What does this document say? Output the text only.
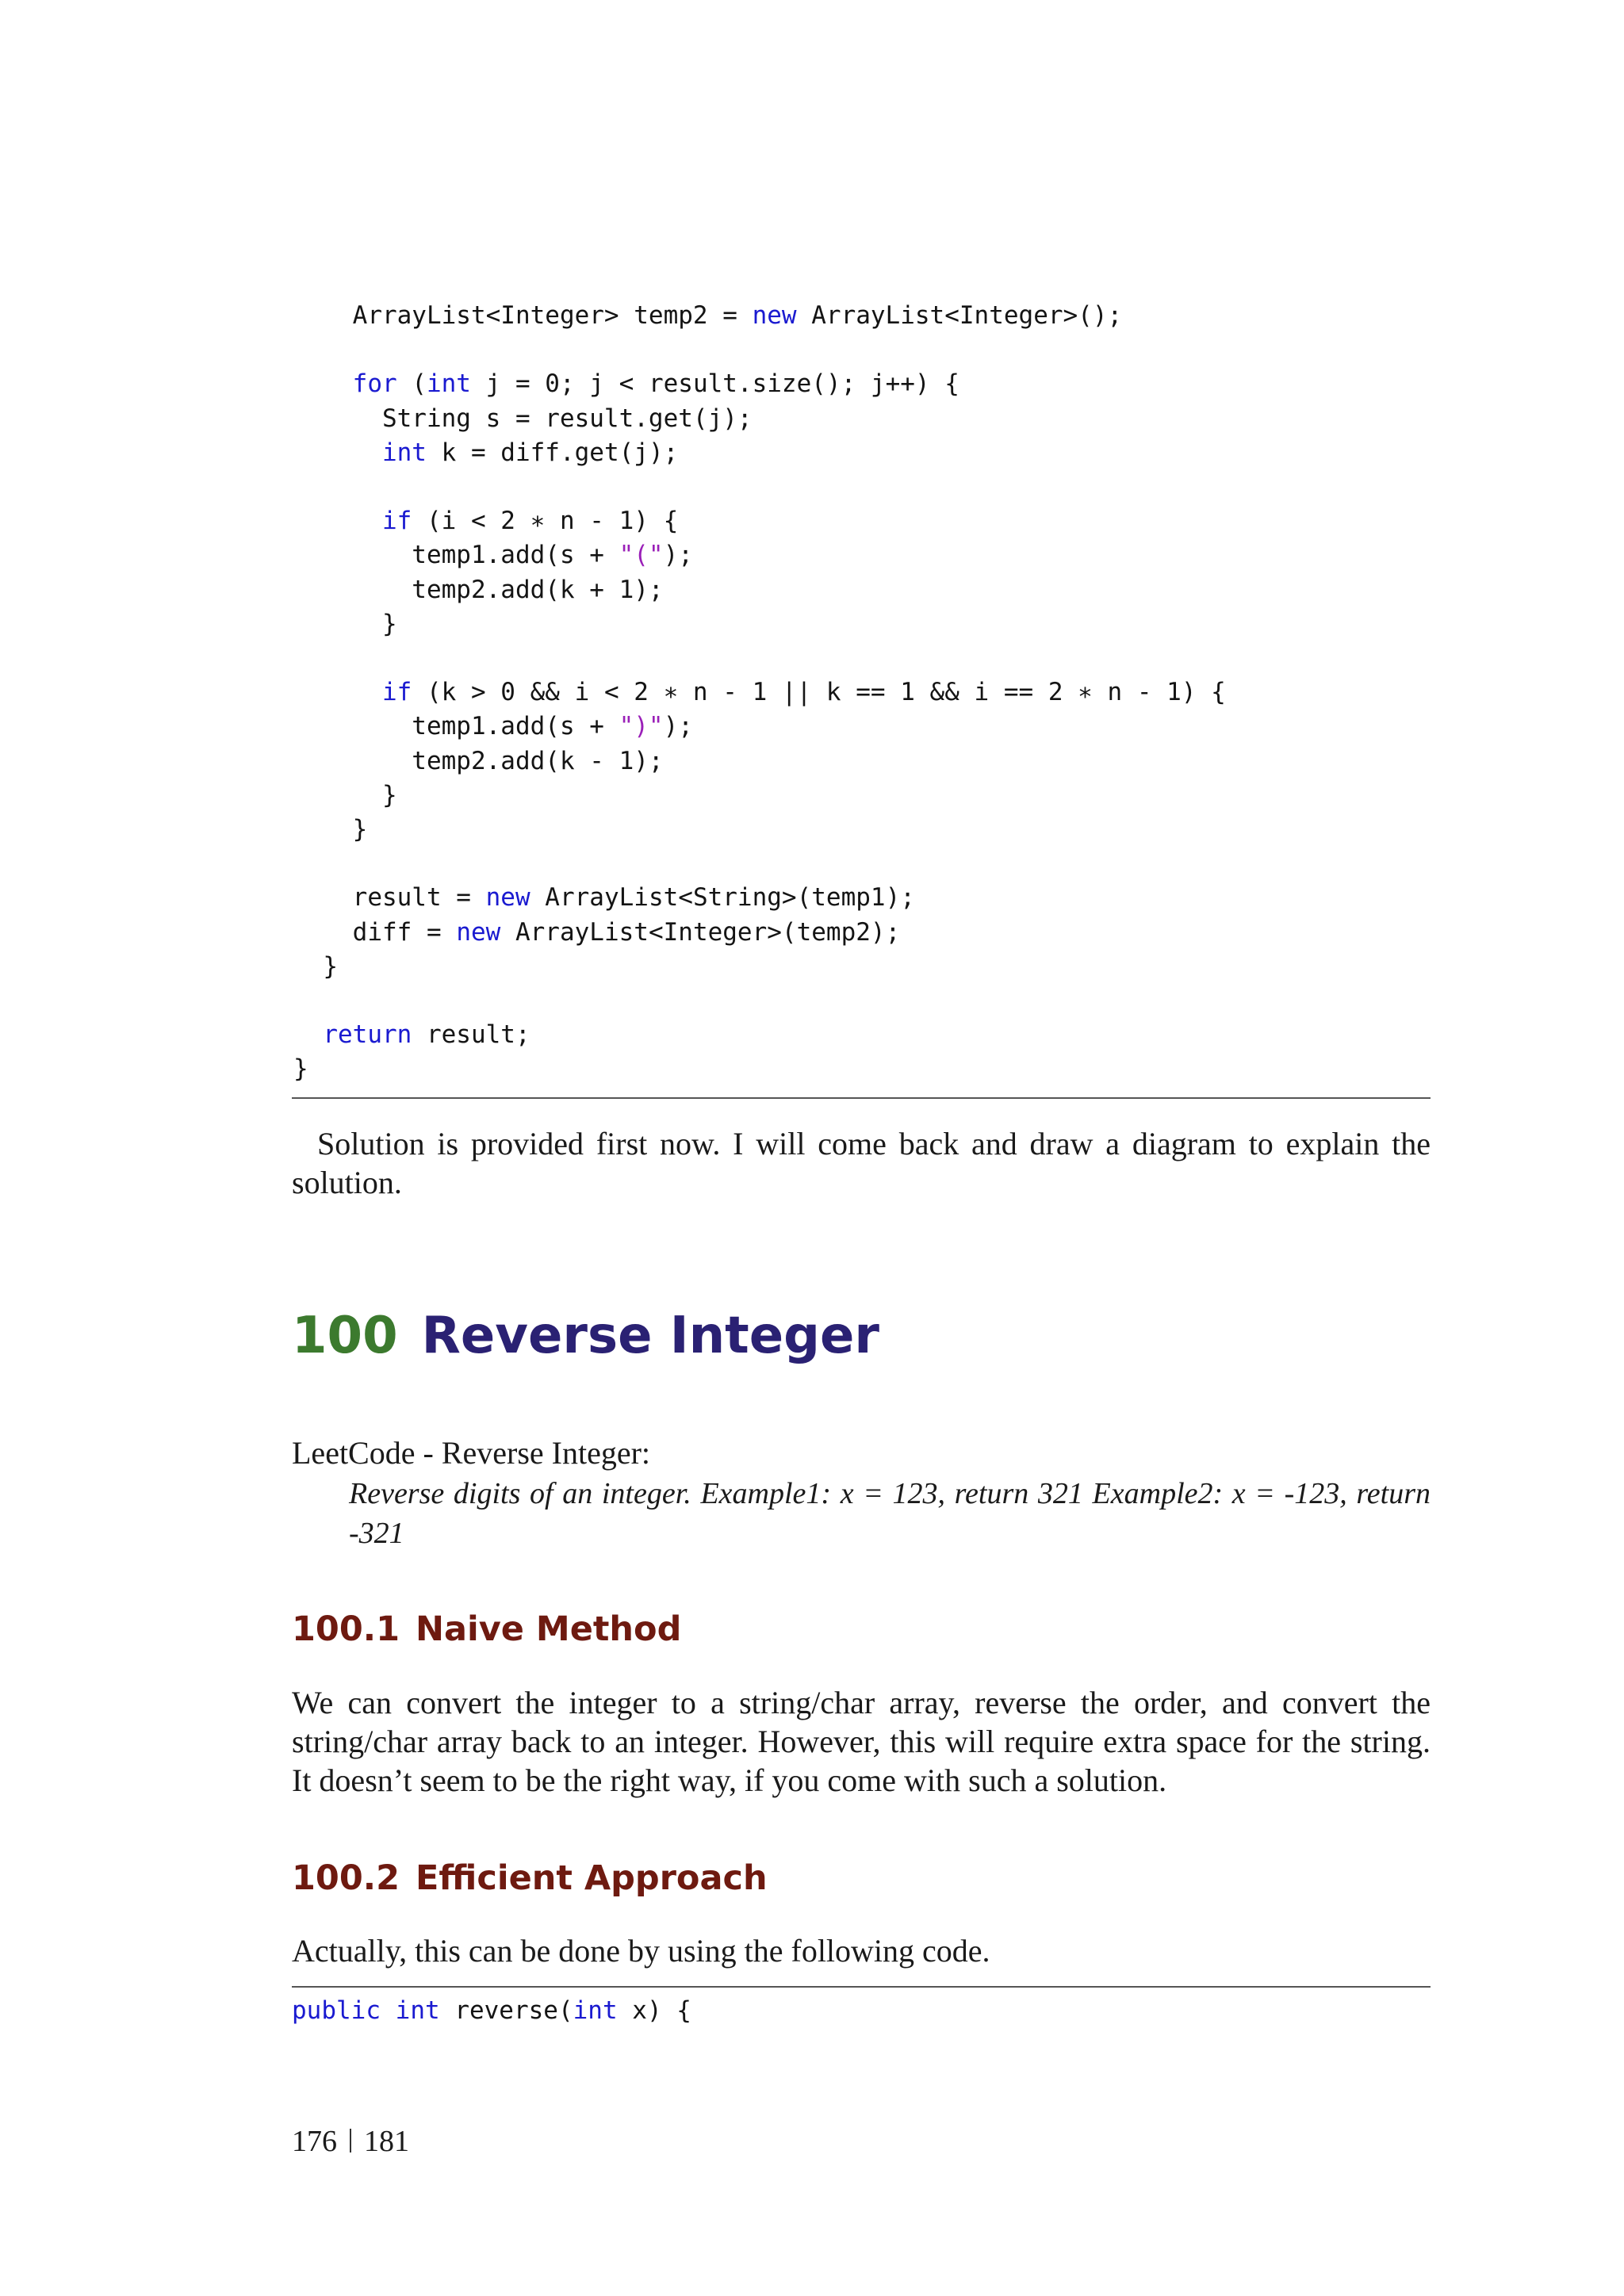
ArrayList<Integer> temp2 = new ArrayList<Integer>();
for (int j = 0; j < result.size(); j++) {
String s = result.get(j);
int k = diff.get(j);
if (i < 2 ∗ n - 1) {
temp1.add(s + "(");
temp2.add(k + 1);
}
if (k > 0 && i < 2 ∗ n - 1 || k == 1 && i == 2 ∗ n - 1) {
temp1.add(s + ")");
temp2.add(k - 1);
}
}
result = new ArrayList<String>(temp1);
diff = new ArrayList<Integer>(temp2);
}
return result;
}

Solution is provided first now. I will come back and draw a diagram to explain the solution.

100 Reverse Integer

LeetCode - Reverse Integer:

Reverse digits of an integer. Example1: x = 123, return 321 Example2: x = -123, return -321

100.1 Naive Method

We can convert the integer to a string/char array, reverse the order, and convert the string/char array back to an integer. However, this will require extra space for the string. It doesn’t seem to be the right way, if you come with such a solution.

100.2 Efficient Approach

Actually, this can be done by using the following code.

public int reverse(int x) {
176 181
